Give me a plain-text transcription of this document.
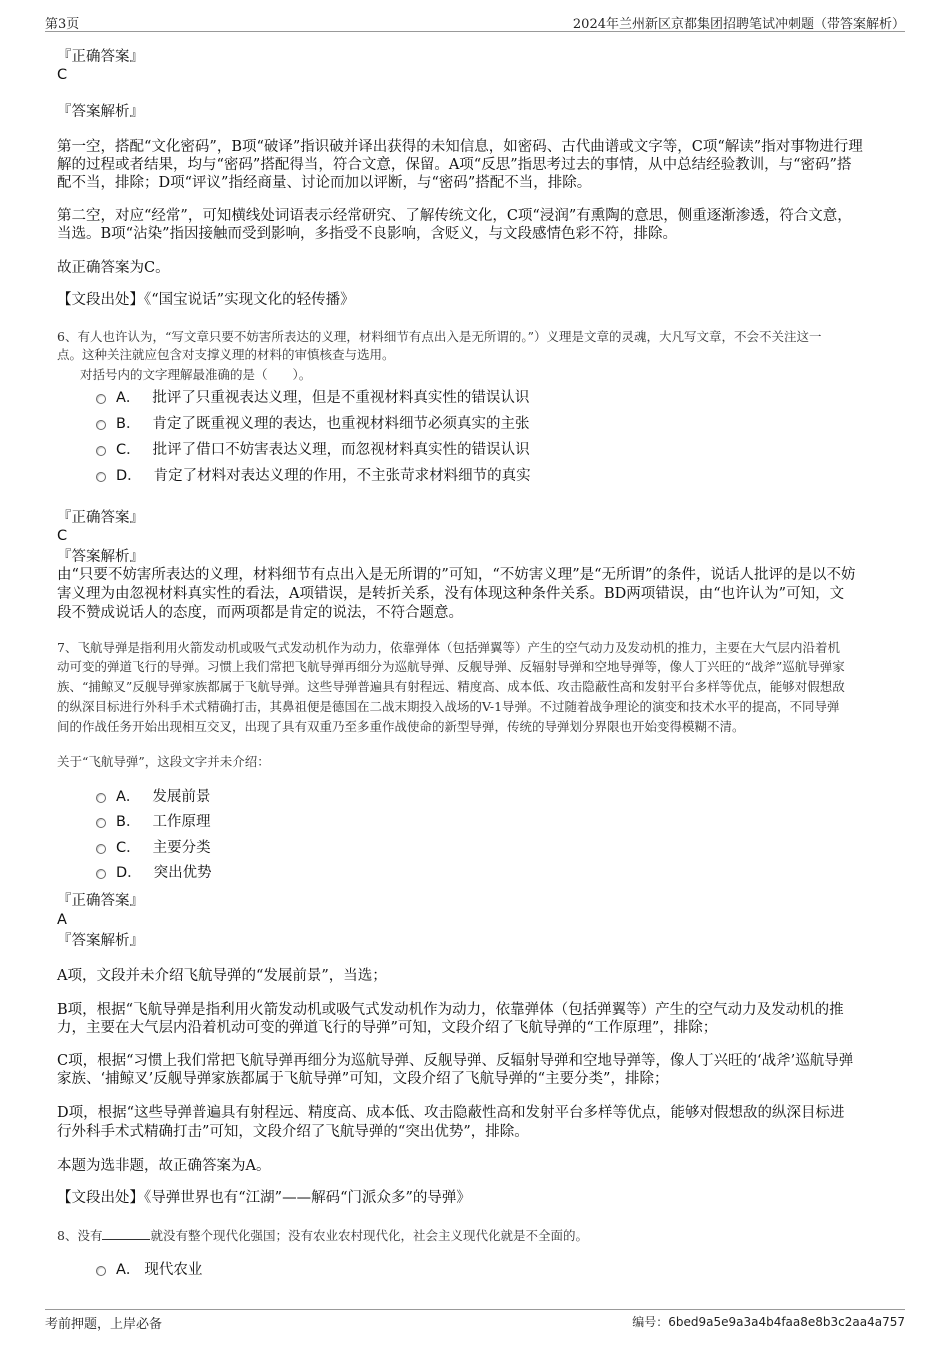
第3页	2024年兰州新区京都集团招聘笔试冲刺题（带答案解析）
『正确答案』
C
『答案解析』
第一空，搭配“文化密码”，B项“破译”指识破并译出获得的未知信息，如密码、古代曲谱或文字等，C项“解读”指对事物进行理
解的过程或者结果，均与“密码”搭配得当，符合文意，保留。A项“反思”指思考过去的事情，从中总结经验教训，与“密码”搭
配不当，排除；D项“评议”指经商量、讨论而加以评断，与“密码”搭配不当，排除。
第二空，对应“经常”，可知横线处词语表示经常研究、了解传统文化，C项“浸润”有熏陶的意思，侧重逐渐渗透，符合文意，
当选。B项“沾染”指因接触而受到影响，多指受不良影响，含贬义，与文段感情色彩不符，排除。
故正确答案为C。
【文段出处】《“国宝说话”实现文化的轻传播》
6、有人也许认为，“写文章只要不妨害所表达的义理，材料细节有点出入是无所谓的。”）义理是文章的灵魂，大凡写文章，不会不关注这一
点。这种关注就应包含对支撑义理的材料的审慎核查与选用。
对括号内的文字理解最准确的是（　　）。
A． 批评了只重视表达义理，但是不重视材料真实性的错误认识
B． 肯定了既重视义理的表达，也重视材料细节必须真实的主张
C． 批评了借口不妨害表达义理，而忽视材料真实性的错误认识
D． 肯定了材料对表达义理的作用，不主张苛求材料细节的真实
『正确答案』
C
『答案解析』
由“只要不妨害所表达的义理，材料细节有点出入是无所谓的”可知，“不妨害义理”是“无所谓”的条件，说话人批评的是以不妨
害义理为由忽视材料真实性的看法，A项错误，是转折关系，没有体现这种条件关系。BD两项错误，由“也许认为”可知，文
段不赞成说话人的态度，而两项都是肯定的说法，不符合题意。
7、飞航导弹是指利用火箭发动机或吸气式发动机作为动力，依靠弹体（包括弹翼等）产生的空气动力及发动机的推力，主要在大气层内沿着机
动可变的弹道飞行的导弹。习惯上我们常把飞航导弹再细分为巡航导弹、反舰导弹、反辐射导弹和空地导弹等，像人丁兴旺的“战斧”巡航导弹家
族、“捕鲸叉”反舰导弹家族都属于飞航导弹。这些导弹普遍具有射程远、精度高、成本低、攻击隐蔽性高和发射平台多样等优点，能够对假想敌
的纵深目标进行外科手术式精确打击，其鼻祖便是德国在二战末期投入战场的V-1导弹。不过随着战争理论的演变和技术水平的提高，不同导弹
间的作战任务开始出现相互交叉，出现了具有双重乃至多重作战使命的新型导弹，传统的导弹划分界限也开始变得模糊不清。
关于“飞航导弹”，这段文字并未介绍：
A． 发展前景
B． 工作原理
C． 主要分类
D． 突出优势
『正确答案』
A
『答案解析』
A项，文段并未介绍飞航导弹的“发展前景”，当选；
B项，根据“飞航导弹是指利用火箭发动机或吸气式发动机作为动力，依靠弹体（包括弹翼等）产生的空气动力及发动机的推
力，主要在大气层内沿着机动可变的弹道飞行的导弹”可知，文段介绍了飞航导弹的“工作原理”，排除；
C项，根据“习惯上我们常把飞航导弹再细分为巡航导弹、反舰导弹、反辐射导弹和空地导弹等，像人丁兴旺的‘战斧’巡航导弹
家族、‘捕鲸叉’反舰导弹家族都属于飞航导弹”可知，文段介绍了飞航导弹的“主要分类”，排除；
D项，根据“这些导弹普遍具有射程远、精度高、成本低、攻击隐蔽性高和发射平台多样等优点，能够对假想敌的纵深目标进
行外科手术式精确打击”可知，文段介绍了飞航导弹的“突出优势”，排除。
本题为选非题，故正确答案为A。
【文段出处】《导弹世界也有“江湖”——解码“门派众多”的导弹》
8、没有	就没有整个现代化强国；没有农业农村现代化，社会主义现代化就是不全面的。
A． 现代农业
考前押题，上岸必备	编号：6bed9a5e9a3a4b4faa8e8b3c2aa4a757
